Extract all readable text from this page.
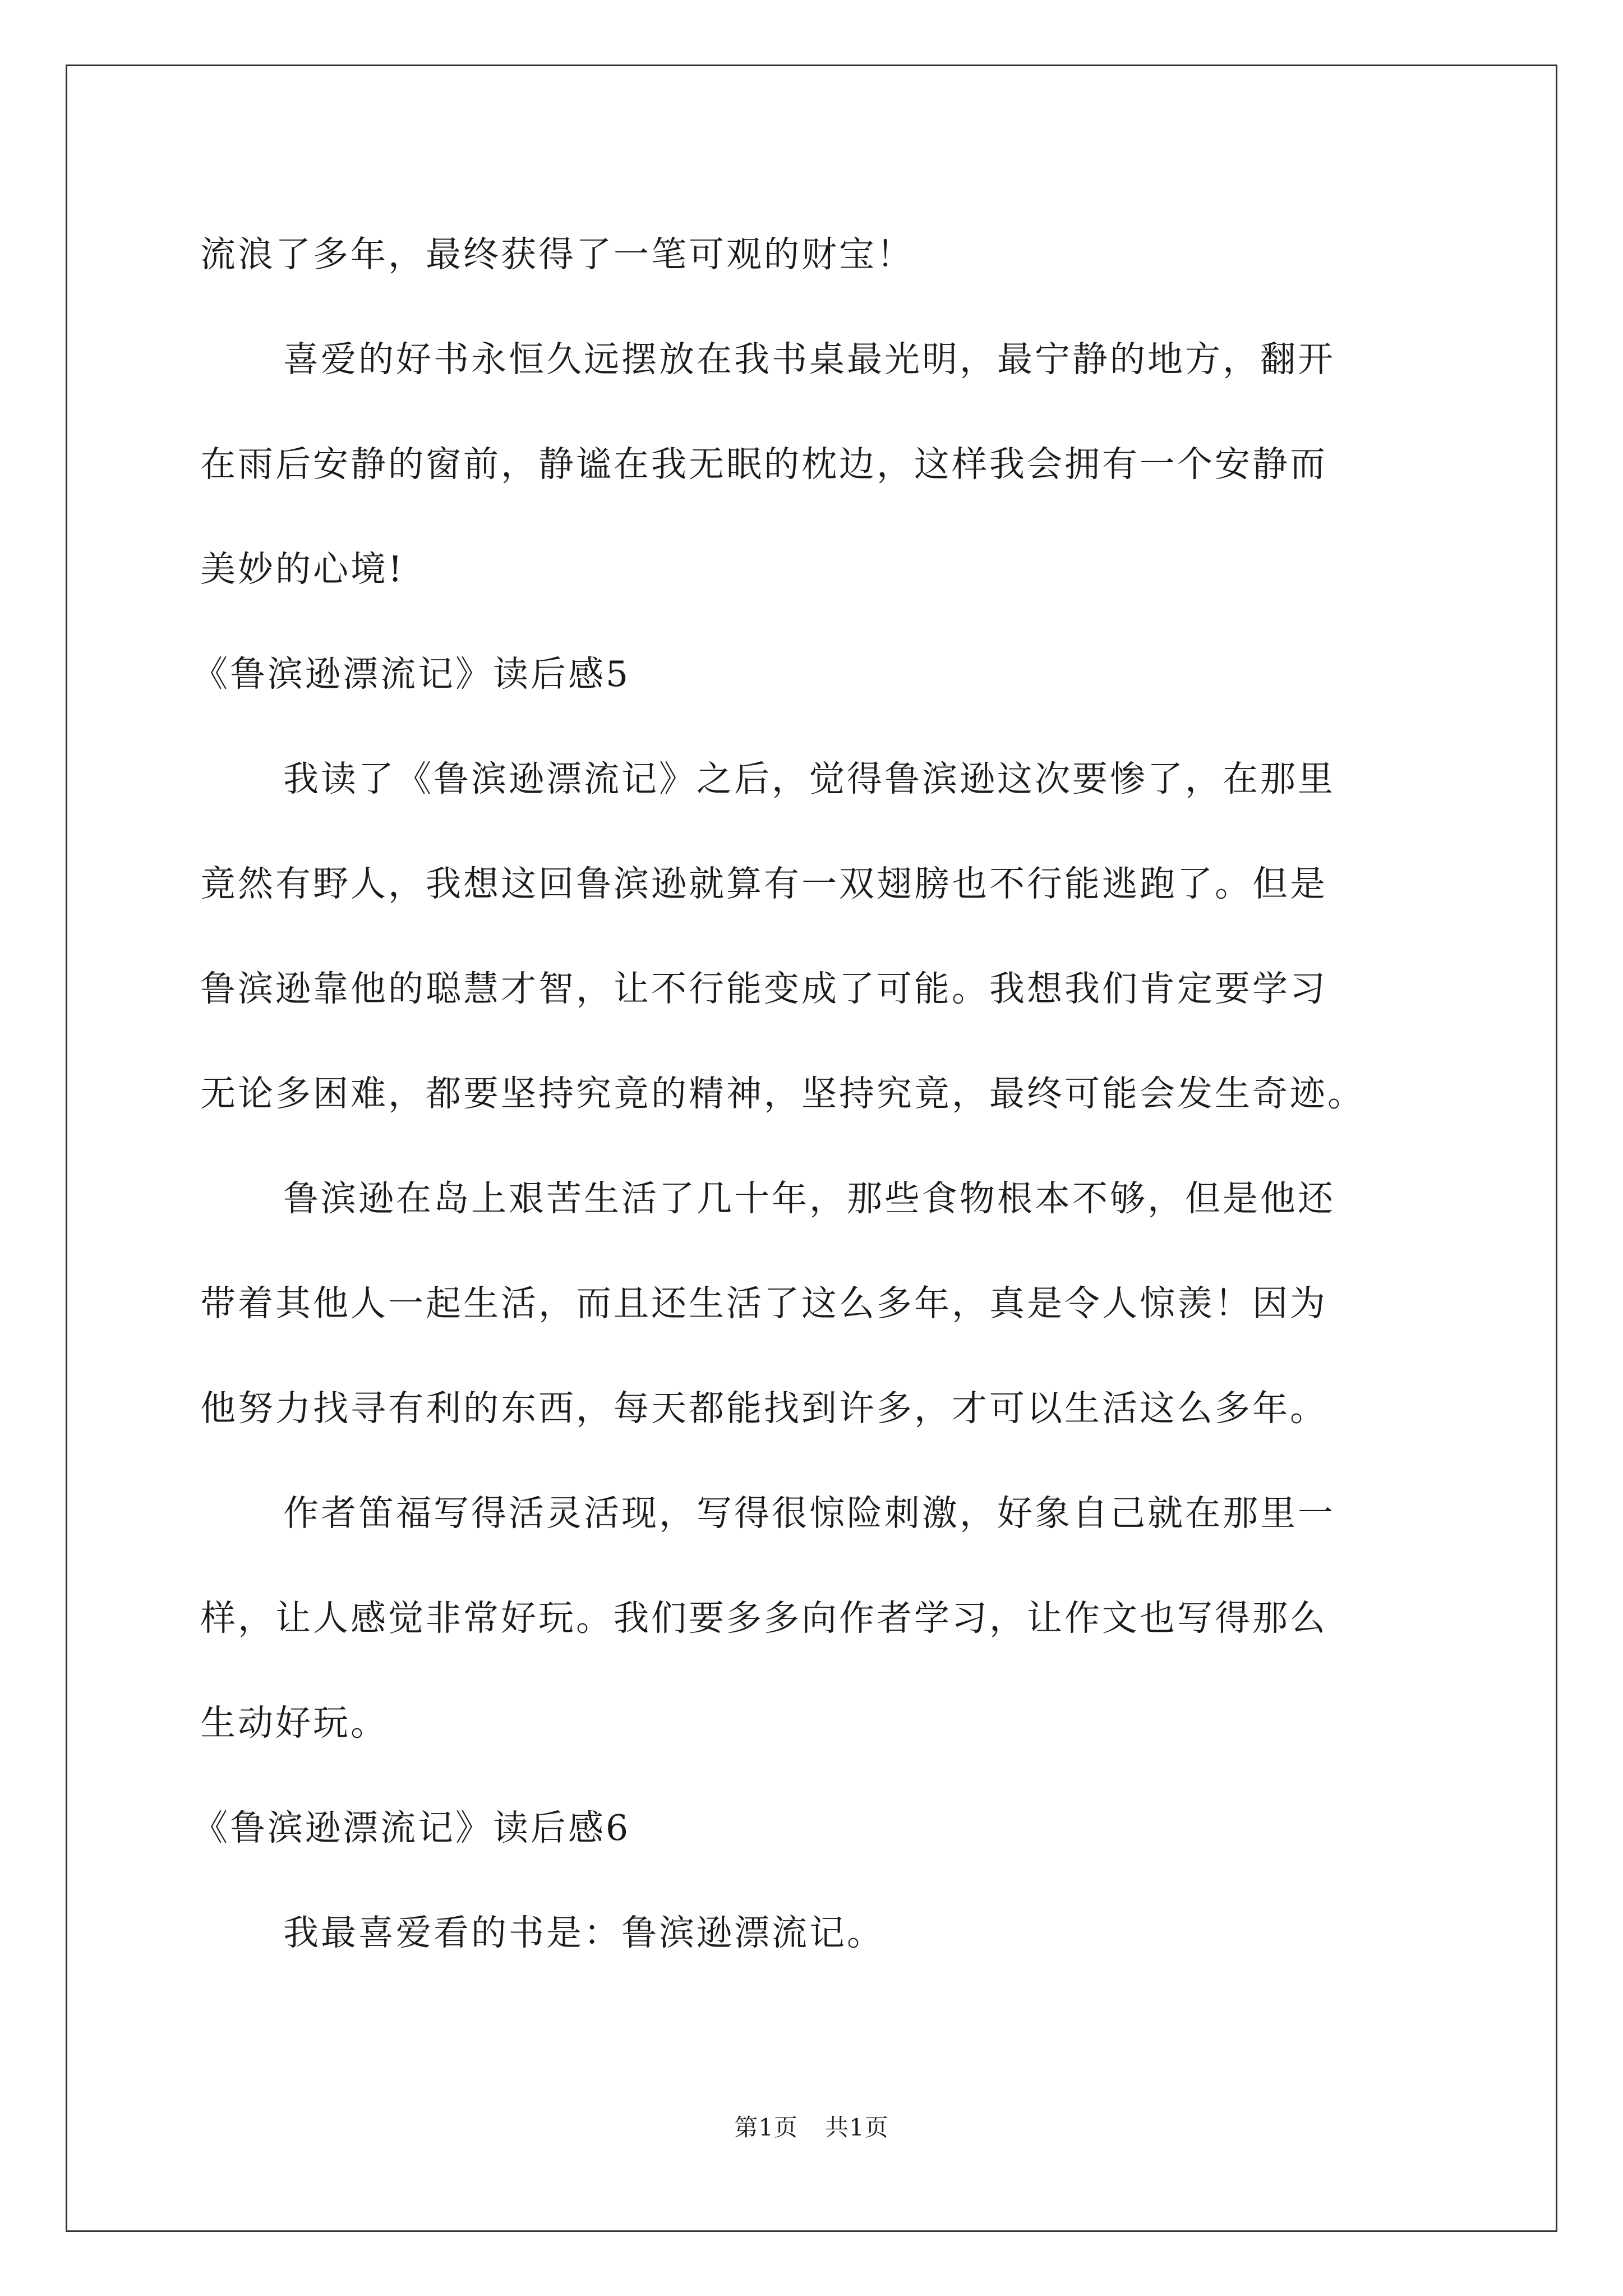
流浪了多年，最终获得了一笔可观的财宝！
喜爱的好书永恒久远摆放在我书桌最光明，最宁静的地方，翻开
在雨后安静的窗前，静谧在我无眠的枕边，这样我会拥有一个安静而
美妙的心境!
《鲁滨逊漂流记》读后感5
我读了《鲁滨逊漂流记》之后，觉得鲁滨逊这次要惨了，在那里
竟然有野人，我想这回鲁滨逊就算有一双翅膀也不行能逃跑了。但是
鲁滨逊靠他的聪慧才智，让不行能变成了可能。我想我们肯定要学习
无论多困难，都要坚持究竟的精神，坚持究竟，最终可能会发生奇迹。
鲁滨逊在岛上艰苦生活了几十年，那些食物根本不够，但是他还
带着其他人一起生活，而且还生活了这么多年，真是令人惊羡！因为
他努力找寻有利的东西，每天都能找到许多，才可以生活这么多年。
作者笛福写得活灵活现，写得很惊险刺激，好象自己就在那里一
样，让人感觉非常好玩。我们要多多向作者学习，让作文也写得那么
生动好玩。
《鲁滨逊漂流记》读后感6
我最喜爱看的书是：鲁滨逊漂流记。
第1页 共1页
